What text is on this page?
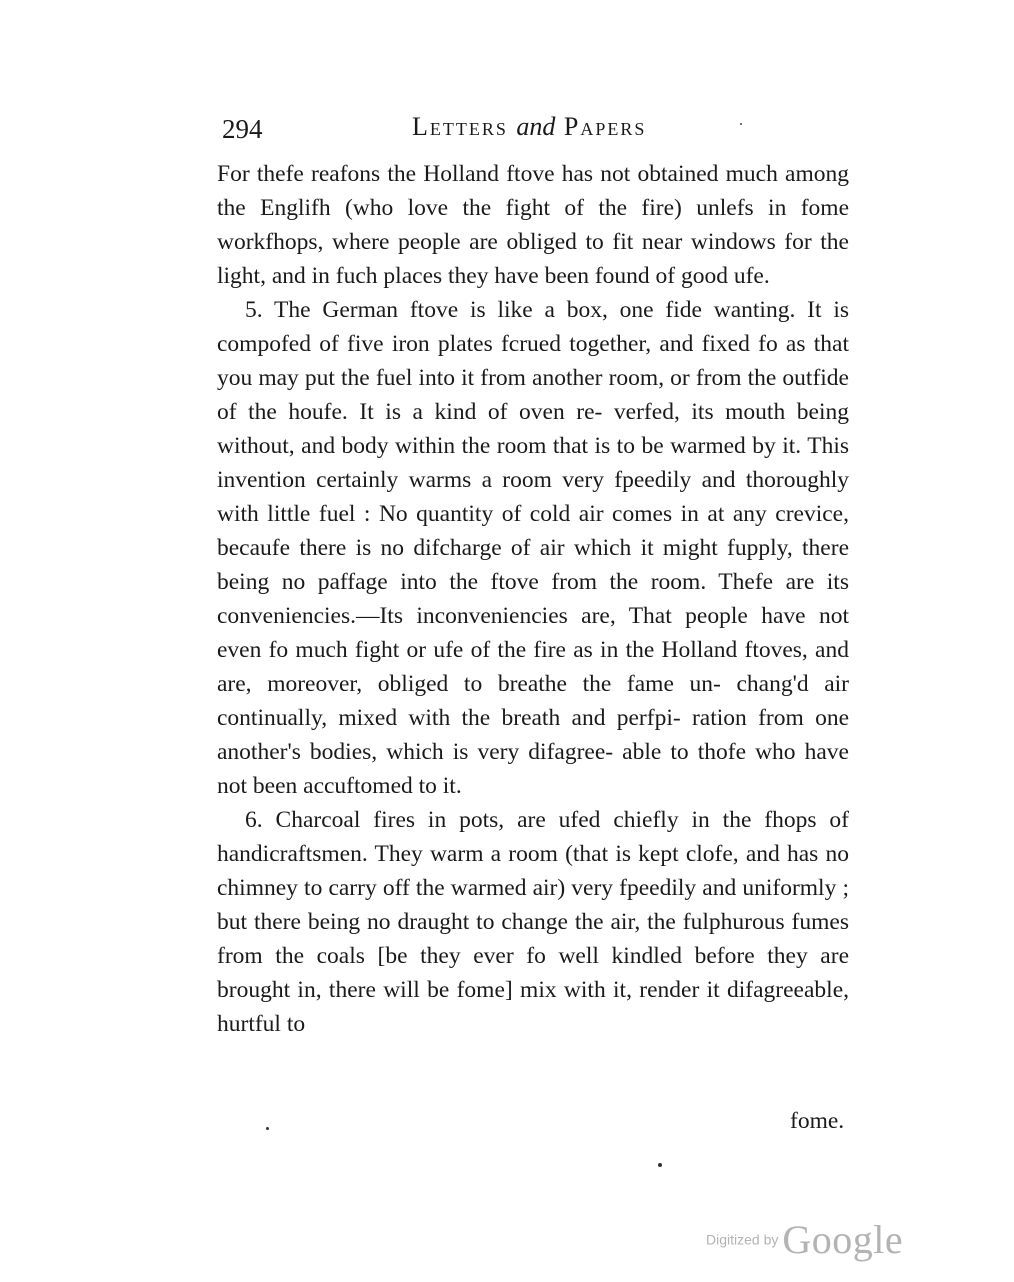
294	Letters and Papers	·

For thefe reafons the Holland ftove has not obtained much among the Englifh (who love the fight of the fire) unlefs in fome workfhops, where people are obliged to fit near windows for the light, and in fuch places they have been found of good ufe.

5. The German ftove is like a box, one fide wanting. It is compofed of five iron plates fcrued together, and fixed fo as that you may put the fuel into it from another room, or from the outfide of the houfe. It is a kind of oven re- verfed, its mouth being without, and body within the room that is to be warmed by it. This invention certainly warms a room very fpeedily and thoroughly with little fuel : No quantity of cold air comes in at any crevice, becaufe there is no difcharge of air which it might fupply, there being no paffage into the ftove from the room. Thefe are its conveniencies.—Its inconveniencies are, That people have not even fo much fight or ufe of the fire as in the Holland ftoves, and are, moreover, obliged to breathe the fame un- chang'd air continually, mixed with the breath and perfpi- ration from one another's bodies, which is very difagree- able to thofe who have not been accuftomed to it.

6. Charcoal fires in pots, are ufed chiefly in the fhops of handicraftsmen. They warm a room (that is kept clofe, and has no chimney to carry off the warmed air) very fpeedily and uniformly ; but there being no draught to change the air, the fulphurous fumes from the coals [be they ever fo well kindled before they are brought in, there will be fome] mix with it, render it difagreeable, hurtful to

fome.
Digitized by Google
